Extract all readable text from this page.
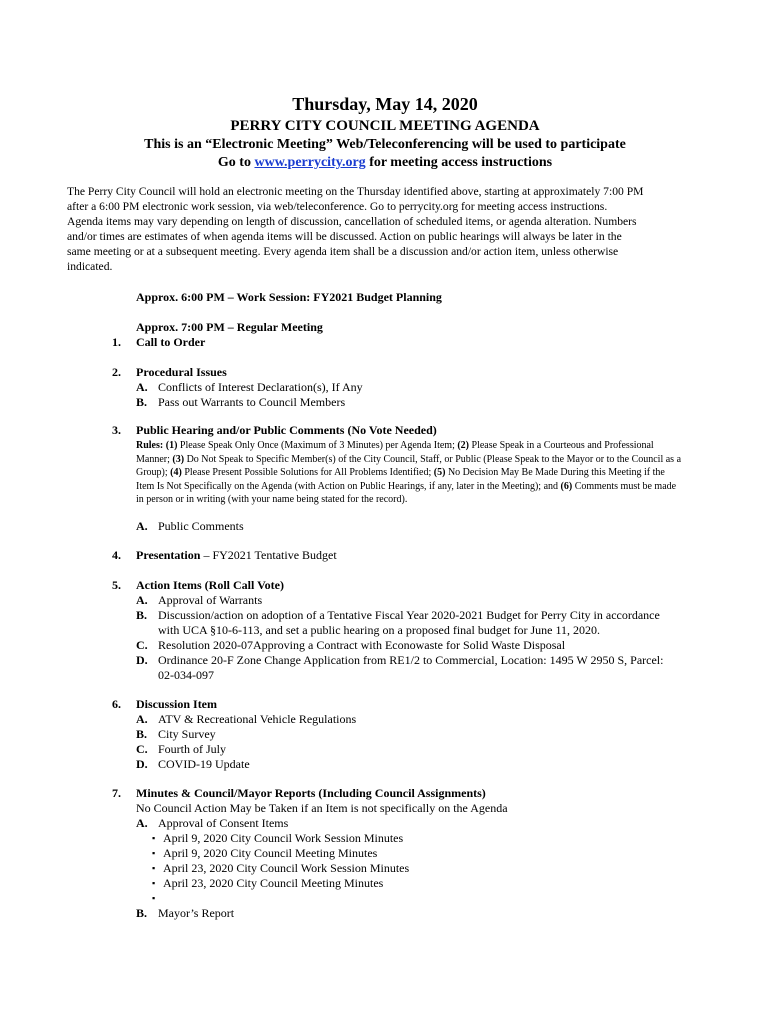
Thursday, May 14, 2020
PERRY CITY COUNCIL MEETING AGENDA
This is an “Electronic Meeting” Web/Teleconferencing will be used to participate
Go to www.perrycity.org for meeting access instructions
The Perry City Council will hold an electronic meeting on the Thursday identified above, starting at approximately 7:00 PM
after a 6:00 PM electronic work session, via web/teleconference. Go to perrycity.org for meeting access instructions.
Agenda items may vary depending on length of discussion, cancellation of scheduled items, or agenda alteration. Numbers
and/or times are estimates of when agenda items will be discussed. Action on public hearings will always be later in the
same meeting or at a subsequent meeting. Every agenda item shall be a discussion and/or action item, unless otherwise
indicated.
Approx. 6:00 PM – Work Session: FY2021 Budget Planning
Approx. 7:00 PM – Regular Meeting
1. Call to Order
2. Procedural Issues
A. Conflicts of Interest Declaration(s), If Any
B. Pass out Warrants to Council Members
3. Public Hearing and/or Public Comments (No Vote Needed)
Rules: (1) Please Speak Only Once (Maximum of 3 Minutes) per Agenda Item; (2) Please Speak in a Courteous and Professional Manner; (3) Do Not Speak to Specific Member(s) of the City Council, Staff, or Public (Please Speak to the Mayor or to the Council as a Group); (4) Please Present Possible Solutions for All Problems Identified; (5) No Decision May Be Made During this Meeting if the Item Is Not Specifically on the Agenda (with Action on Public Hearings, if any, later in the Meeting); and (6) Comments must be made in person or in writing (with your name being stated for the record).
A. Public Comments
4. Presentation – FY2021 Tentative Budget
5. Action Items (Roll Call Vote)
A. Approval of Warrants
B. Discussion/action on adoption of a Tentative Fiscal Year 2020-2021 Budget for Perry City in accordance
with UCA §10-6-113, and set a public hearing on a proposed final budget for June 11, 2020.
C. Resolution 2020-07Approving a Contract with Econowaste for Solid Waste Disposal
D. Ordinance 20-F Zone Change Application from RE1/2 to Commercial, Location: 1495 W 2950 S, Parcel:
02-034-097
6. Discussion Item
A. ATV & Recreational Vehicle Regulations
B. City Survey
C. Fourth of July
D. COVID-19 Update
7. Minutes & Council/Mayor Reports (Including Council Assignments)
No Council Action May be Taken if an Item is not specifically on the Agenda
A. Approval of Consent Items
▪ April 9, 2020 City Council Work Session Minutes
▪ April 9, 2020 City Council Meeting Minutes
▪ April 23, 2020 City Council Work Session Minutes
▪ April 23, 2020 City Council Meeting Minutes
▪
B. Mayor’s Report
